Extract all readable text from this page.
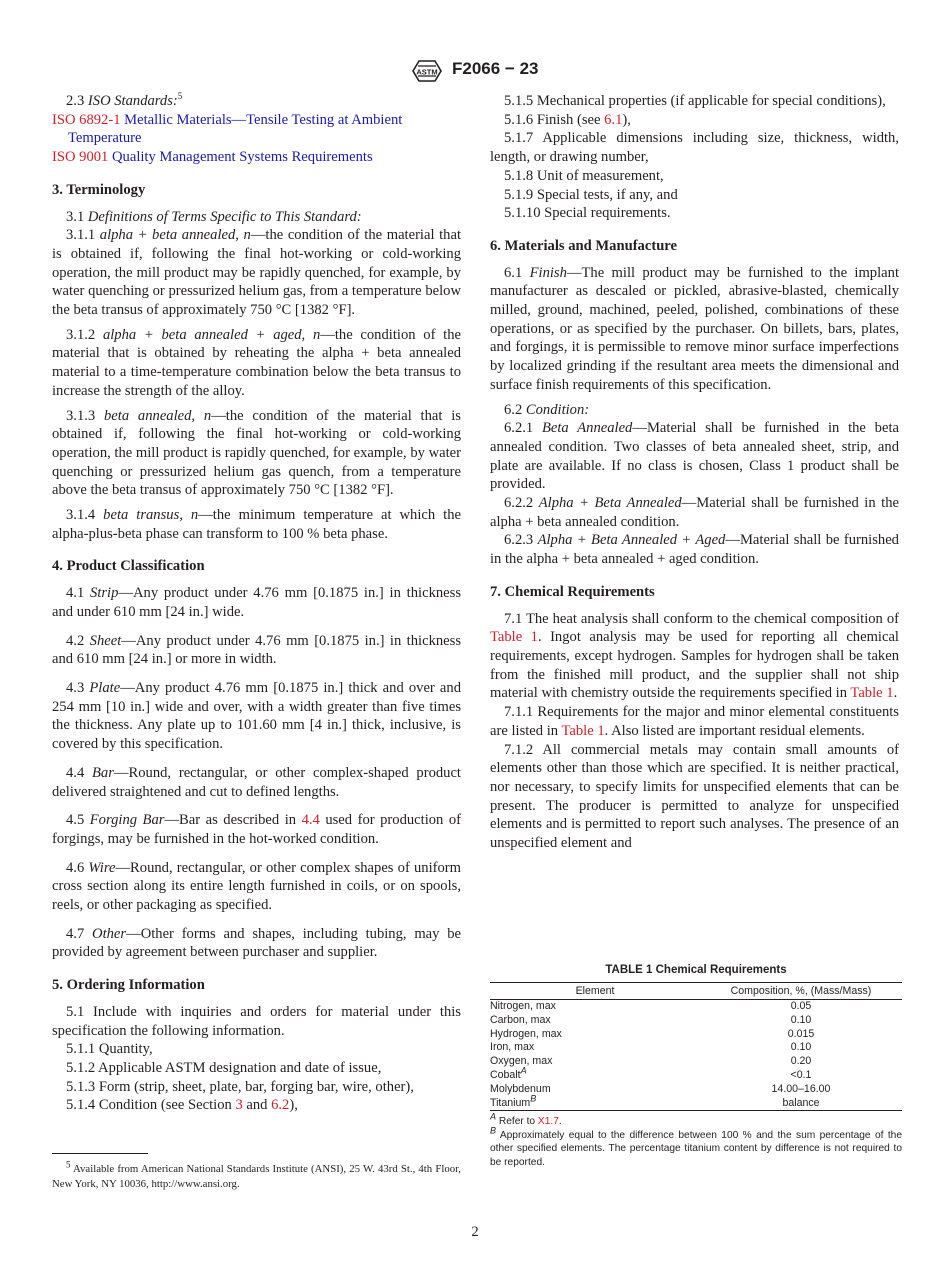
ASTM F2066 − 23

2.3 ISO Standards:$^5$

ISO 6892-1 Metallic Materials—Tensile Testing at Ambient Temperature

ISO 9001 Quality Management Systems Requirements

3. Terminology

3.1 Definitions of Terms Specific to This Standard:

3.1.1 alpha + beta annealed, n—the condition of the material that is obtained if, following the final hot-working or cold-working operation, the mill product may be rapidly quenched, for example, by water quenching or pressurized helium gas, from a temperature below the beta transus of approximately 750 °C [1382 °F].

3.1.2 alpha + beta annealed + aged, n—the condition of the material that is obtained by reheating the alpha + beta annealed material to a time-temperature combination below the beta transus to increase the strength of the alloy.

3.1.3 beta annealed, n—the condition of the material that is obtained if, following the final hot-working or cold-working operation, the mill product is rapidly quenched, for example, by water quenching or pressurized helium gas quench, from a temperature above the beta transus of approximately 750 °C [1382 °F].

3.1.4 beta transus, n—the minimum temperature at which the alpha-plus-beta phase can transform to 100 % beta phase.

4. Product Classification

4.1 Strip—Any product under 4.76 mm [0.1875 in.] in thickness and under 610 mm [24 in.] wide.

4.2 Sheet—Any product under 4.76 mm [0.1875 in.] in thickness and 610 mm [24 in.] or more in width.

4.3 Plate—Any product 4.76 mm [0.1875 in.] thick and over and 254 mm [10 in.] wide and over, with a width greater than five times the thickness. Any plate up to 101.60 mm [4 in.] thick, inclusive, is covered by this specification.

4.4 Bar—Round, rectangular, or other complex-shaped product delivered straightened and cut to defined lengths.

4.5 Forging Bar—Bar as described in 4.4 used for production of forgings, may be furnished in the hot-worked condition.

4.6 Wire—Round, rectangular, or other complex shapes of uniform cross section along its entire length furnished in coils, or on spools, reels, or other packaging as specified.

4.7 Other—Other forms and shapes, including tubing, may be provided by agreement between purchaser and supplier.

5. Ordering Information

5.1 Include with inquiries and orders for material under this specification the following information.

5.1.1 Quantity,

5.1.2 Applicable ASTM designation and date of issue,

5.1.3 Form (strip, sheet, plate, bar, forging bar, wire, other),

5.1.4 Condition (see Section 3 and 6.2),

$^5$ Available from American National Standards Institute (ANSI), 25 W. 43rd St., 4th Floor, New York, NY 10036, http://www.ansi.org.

5.1.5 Mechanical properties (if applicable for special conditions),

5.1.6 Finish (see 6.1),

5.1.7 Applicable dimensions including size, thickness, width, length, or drawing number,

5.1.8 Unit of measurement,

5.1.9 Special tests, if any, and

5.1.10 Special requirements.

6. Materials and Manufacture

6.1 Finish—The mill product may be furnished to the implant manufacturer as descaled or pickled, abrasive-blasted, chemically milled, ground, machined, peeled, polished, combinations of these operations, or as specified by the purchaser. On billets, bars, plates, and forgings, it is permissible to remove minor surface imperfections by localized grinding if the resultant area meets the dimensional and surface finish requirements of this specification.

6.2 Condition:

6.2.1 Beta Annealed—Material shall be furnished in the beta annealed condition. Two classes of beta annealed sheet, strip, and plate are available. If no class is chosen, Class 1 product shall be provided.

6.2.2 Alpha + Beta Annealed—Material shall be furnished in the alpha + beta annealed condition.

6.2.3 Alpha + Beta Annealed + Aged—Material shall be furnished in the alpha + beta annealed + aged condition.

7. Chemical Requirements

7.1 The heat analysis shall conform to the chemical composition of Table 1. Ingot analysis may be used for reporting all chemical requirements, except hydrogen. Samples for hydrogen shall be taken from the finished mill product, and the supplier shall not ship material with chemistry outside the requirements specified in Table 1.

7.1.1 Requirements for the major and minor elemental constituents are listed in Table 1. Also listed are important residual elements.

7.1.2 All commercial metals may contain small amounts of elements other than those which are specified. It is neither practical, nor necessary, to specify limits for unspecified elements that can be present. The producer is permitted to analyze for unspecified elements and is permitted to report such analyses. The presence of an unspecified element and

TABLE 1 Chemical Requirements
Element	Composition, %, (Mass/Mass)
Nitrogen, max	0.05
Carbon, max	0.10
Hydrogen, max	0.015
Iron, max	0.10
Oxygen, max	0.20
Cobalt$^A$	<0.1
Molybdenum	14.00–16.00
Titanium$^B$	balance

$^A$ Refer to X1.7.

$^B$ Approximately equal to the difference between 100 % and the sum percentage of the other specified elements. The percentage titanium content by difference is not required to be reported.

2
